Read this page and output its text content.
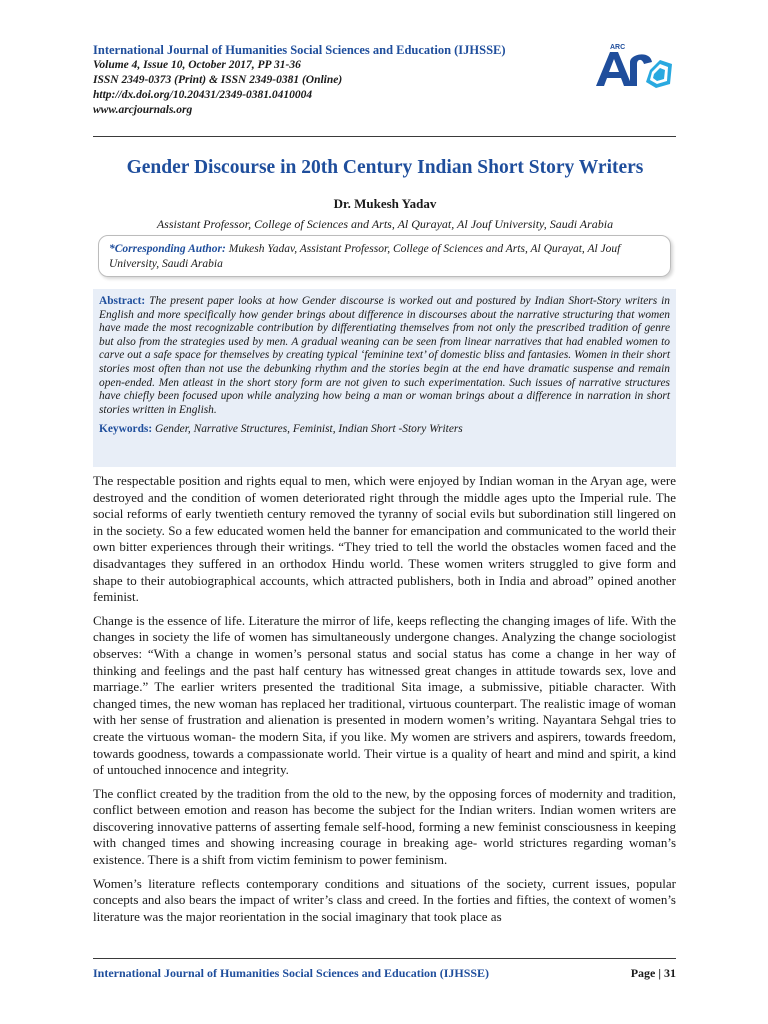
International Journal of Humanities Social Sciences and Education (IJHSSE)
Volume 4, Issue 10, October 2017, PP 31-36
ISSN 2349-0373 (Print) & ISSN 2349-0381 (Online)
http://dx.doi.org/10.20431/2349-0381.0410004
www.arcjournals.org
ARC
Gender Discourse in 20th Century Indian Short Story Writers
Dr. Mukesh Yadav
Assistant Professor, College of Sciences and Arts, Al Qurayat, Al Jouf University, Saudi Arabia
*Corresponding Author: Mukesh Yadav, Assistant Professor, College of Sciences and Arts, Al Qurayat, Al Jouf University, Saudi Arabia
Abstract: The present paper looks at how Gender discourse is worked out and postured by Indian Short-Story writers in English and more specifically how gender brings about difference in discourses about the narrative structuring that women have made the most recognizable contribution by differentiating themselves from not only the prescribed tradition of genre but also from the strategies used by men. A gradual weaning can be seen from linear narratives that had enabled women to carve out a safe space for themselves by creating typical ‘feminine text’ of domestic bliss and fantasies. Women in their short stories most often than not use the debunking rhythm and the stories begin at the end have dramatic suspense and remain open-ended. Men atleast in the short story form are not given to such experimentation. Such issues of narrative structures have chiefly been focused upon while analyzing how being a man or woman brings about a difference in narration in short stories written in English.
Keywords: Gender, Narrative Structures, Feminist, Indian Short -Story Writers

The respectable position and rights equal to men, which were enjoyed by Indian woman in the Aryan age, were destroyed and the condition of women deteriorated right through the middle ages upto the Imperial rule. The social reforms of early twentieth century removed the tyranny of social evils but subordination still lingered on in the society. So a few educated women held the banner for emancipation and communicated to the world their own bitter experiences through their writings. “They tried to tell the world the obstacles women faced and the disadvantages they suffered in an orthodox Hindu world. These women writers struggled to give form and shape to their autobiographical accounts, which attracted publishers, both in India and abroad” opined another feminist.

Change is the essence of life. Literature the mirror of life, keeps reflecting the changing images of life. With the changes in society the life of women has simultaneously undergone changes. Analyzing the change sociologist observes: “With a change in women’s personal status and social status has come a change in her way of thinking and feelings and the past half century has witnessed great changes in attitude towards sex, love and marriage.” The earlier writers presented the traditional Sita image, a submissive, pitiable character. With changed times, the new woman has replaced her traditional, virtuous counterpart. The realistic image of woman with her sense of frustration and alienation is presented in modern women’s writing. Nayantara Sehgal tries to create the virtuous woman- the modern Sita, if you like. My women are strivers and aspirers, towards freedom, towards goodness, towards a compassionate world. Their virtue is a quality of heart and mind and spirit, a kind of untouched innocence and integrity.

The conflict created by the tradition from the old to the new, by the opposing forces of modernity and tradition, conflict between emotion and reason has become the subject for the Indian writers. Indian women writers are discovering innovative patterns of asserting female self-hood, forming a new feminist consciousness in keeping with changed times and showing increasing courage in breaking age- world strictures regarding woman’s existence. There is a shift from victim feminism to power feminism.

Women’s literature reflects contemporary conditions and situations of the society, current issues, popular concepts and also bears the impact of writer’s class and creed. In the forties and fifties, the context of women’s literature was the major reorientation in the social imaginary that took place as

International Journal of Humanities Social Sciences and Education (IJHSSE)	Page | 31
